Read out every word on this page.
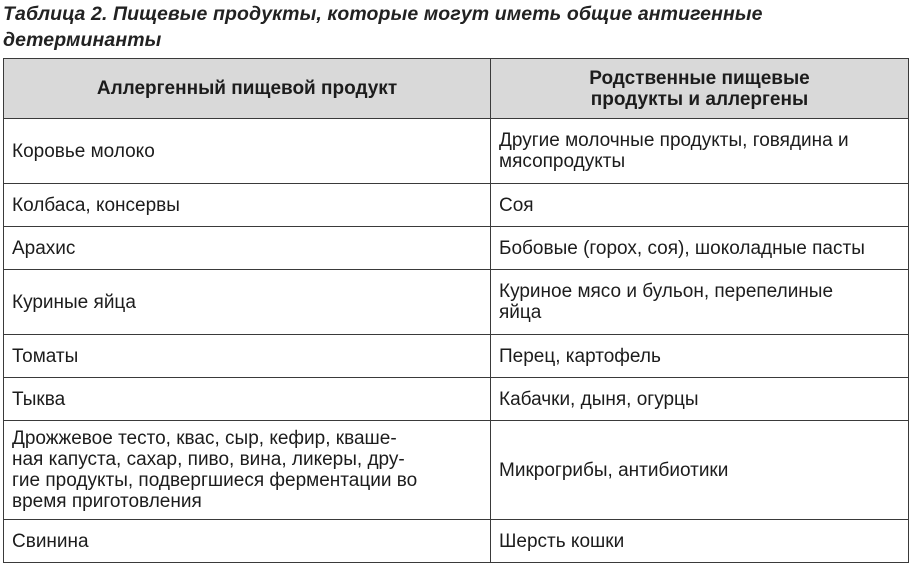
Таблица 2. Пищевые продукты, которые могут иметь общие антигенные
детерминанты
Аллергенный пищевой продукт	Родственные пищевые
продукты и аллергены

Коровье молоко	Другие молочные продукты, говядина и
мясопродукты

Колбаса, консервы	Соя

Арахис	Бобовые (горох, соя), шоколадные пасты

Куриные яйца	Куриное мясо и бульон, перепелиные
яйца

Томаты	Перец, картофель

Тыква	Кабачки, дыня, огурцы

Дрожжевое тесто, квас, сыр, кефир, кваше-
ная капуста, сахар, пиво, вина, ликеры, дру-
гие продукты, подвергшиеся ферментации во
время приготовления	Микрогрибы, антибиотики

Свинина	Шерсть кошки
